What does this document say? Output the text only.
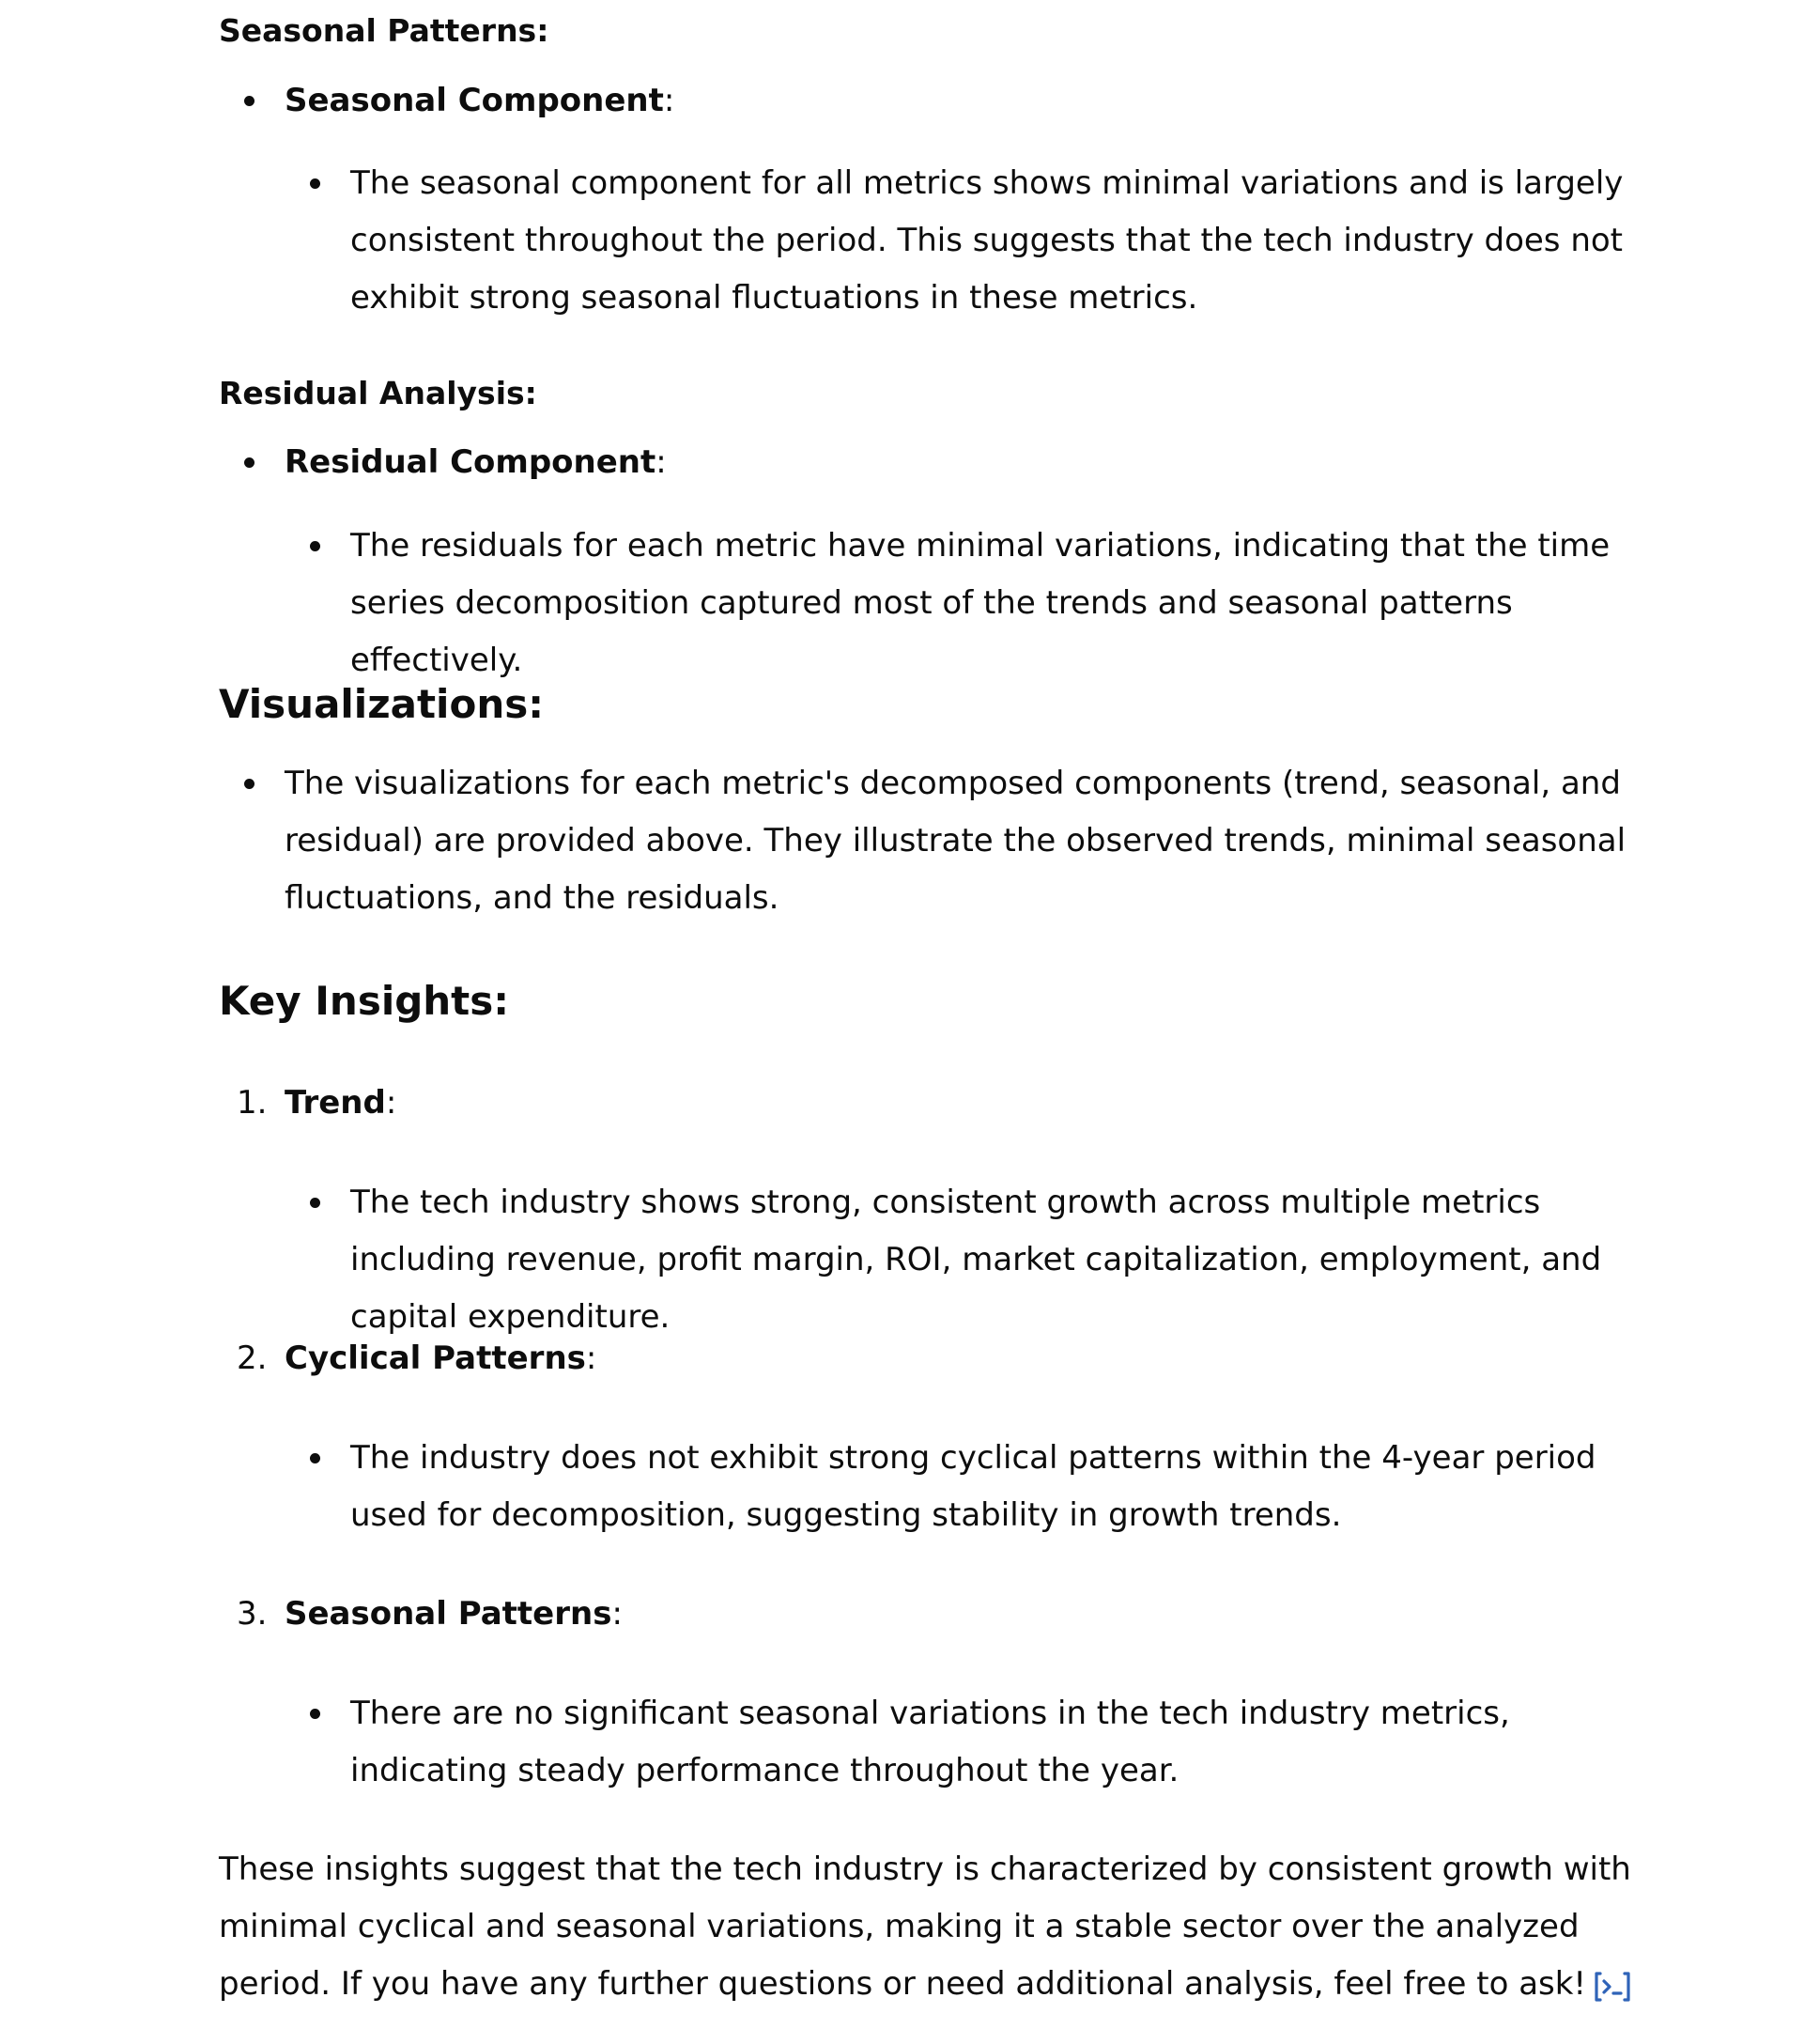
Seasonal Patterns:

Seasonal Component:
The seasonal component for all metrics shows minimal variations and is largely consistent throughout the period. This suggests that the tech industry does not exhibit strong seasonal fluctuations in these metrics.

Residual Analysis:

Residual Component:
The residuals for each metric have minimal variations, indicating that the time series decomposition captured most of the trends and seasonal patterns effectively.

Visualizations:

The visualizations for each metric's decomposed components (trend, seasonal, and residual) are provided above. They illustrate the observed trends, minimal seasonal fluctuations, and the residuals.

Key Insights:

1. Trend:
The tech industry shows strong, consistent growth across multiple metrics including revenue, profit margin, ROI, market capitalization, employment, and capital expenditure.
2. Cyclical Patterns:
The industry does not exhibit strong cyclical patterns within the 4-year period used for decomposition, suggesting stability in growth trends.
3. Seasonal Patterns:
There are no significant seasonal variations in the tech industry metrics, indicating steady performance throughout the year.

These insights suggest that the tech industry is characterized by consistent growth with minimal cyclical and seasonal variations, making it a stable sector over the analyzed period. If you have any further questions or need additional analysis, feel free to ask!
